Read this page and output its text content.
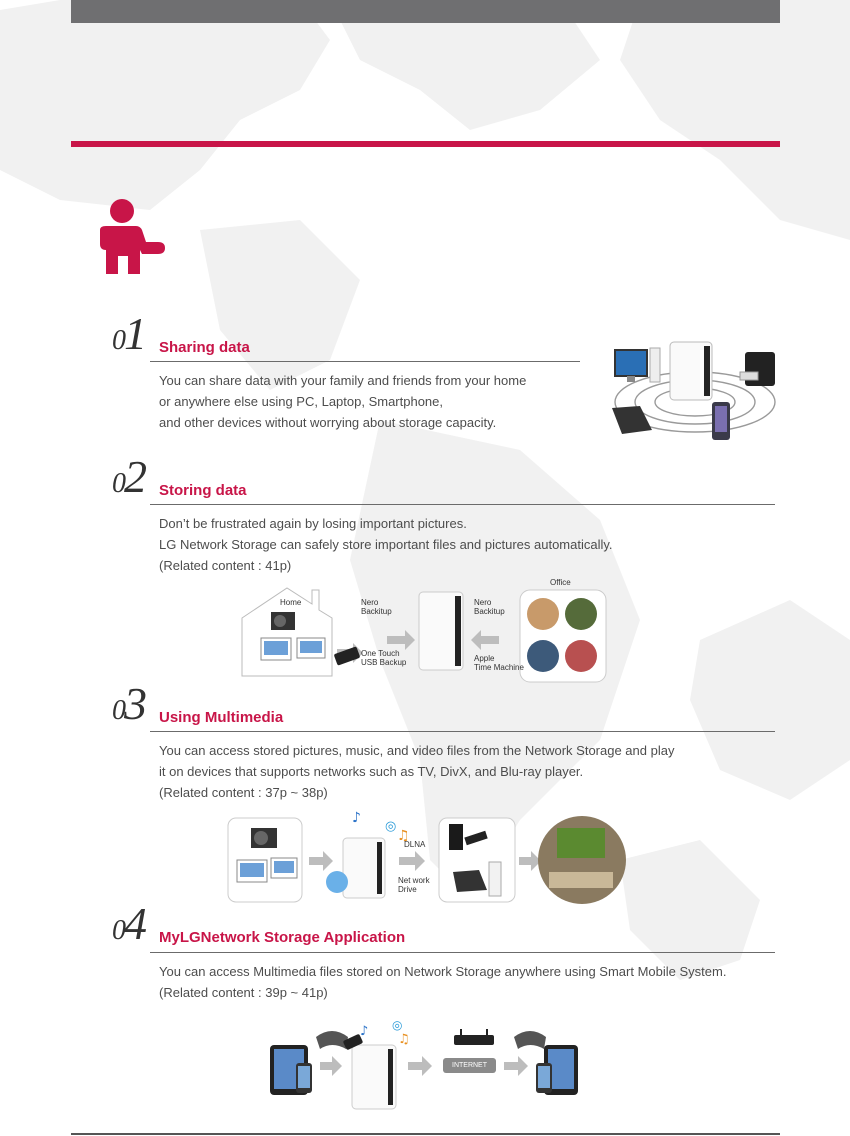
01 Sharing data

You can share data with your family and friends from your home
or anywhere else using PC, Laptop, Smartphone,
and other devices without worrying about storage capacity.

02 Storing data

Don’t be frustrated again by losing important pictures.
LG Network Storage can safely store important files and pictures automatically.
(Related content : 41p)

Home
Office
Nero
Backitup
Nero
Backitup
One Touch
USB Backup	Apple
Time Machine
03 Using Multimedia

You can access stored pictures, music, and video files from the Network Storage and play
it on devices that supports networks such as TV, DivX, and Blu-ray player.
(Related content : 37p ~ 38p)

♪
♫
◎
DLNA
Net work
Drive
04 MyLGNetwork Storage Application

You can access Multimedia files stored on Network Storage anywhere using Smart Mobile System.
(Related content : 39p ~ 41p)

♪
♫
◎
INTERNET
